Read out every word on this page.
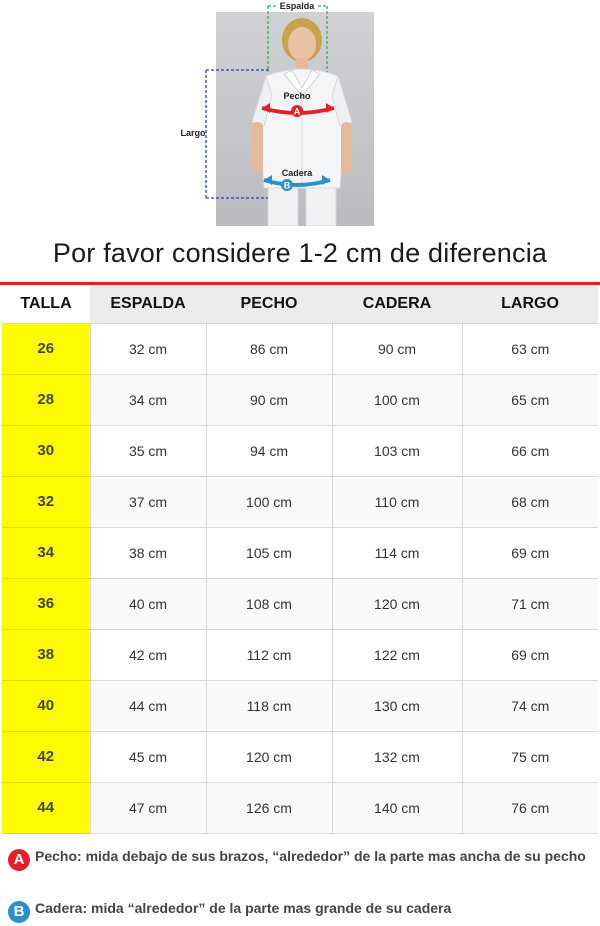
Espalda
Largo
Pecho
A
Cadera
B
Por favor considere 1-2 cm de diferencia
TALLA	ESPALDA	PECHO	CADERA	LARGO
26	32 cm	86 cm	90 cm	63 cm
28	34 cm	90 cm	100 cm	65 cm
30	35 cm	94 cm	103 cm	66 cm
32	37 cm	100 cm	110 cm	68 cm
34	38 cm	105 cm	114 cm	69 cm
36	40 cm	108 cm	120 cm	71 cm
38	42 cm	112 cm	122 cm	69 cm
40	44 cm	118 cm	130 cm	74 cm
42	45 cm	120 cm	132 cm	75 cm
44	47 cm	126 cm	140 cm	76 cm
A Pecho: mida debajo de sus brazos, “alrededor” de la parte mas ancha de su pecho
B Cadera: mida “alrededor” de la parte mas grande de su cadera
